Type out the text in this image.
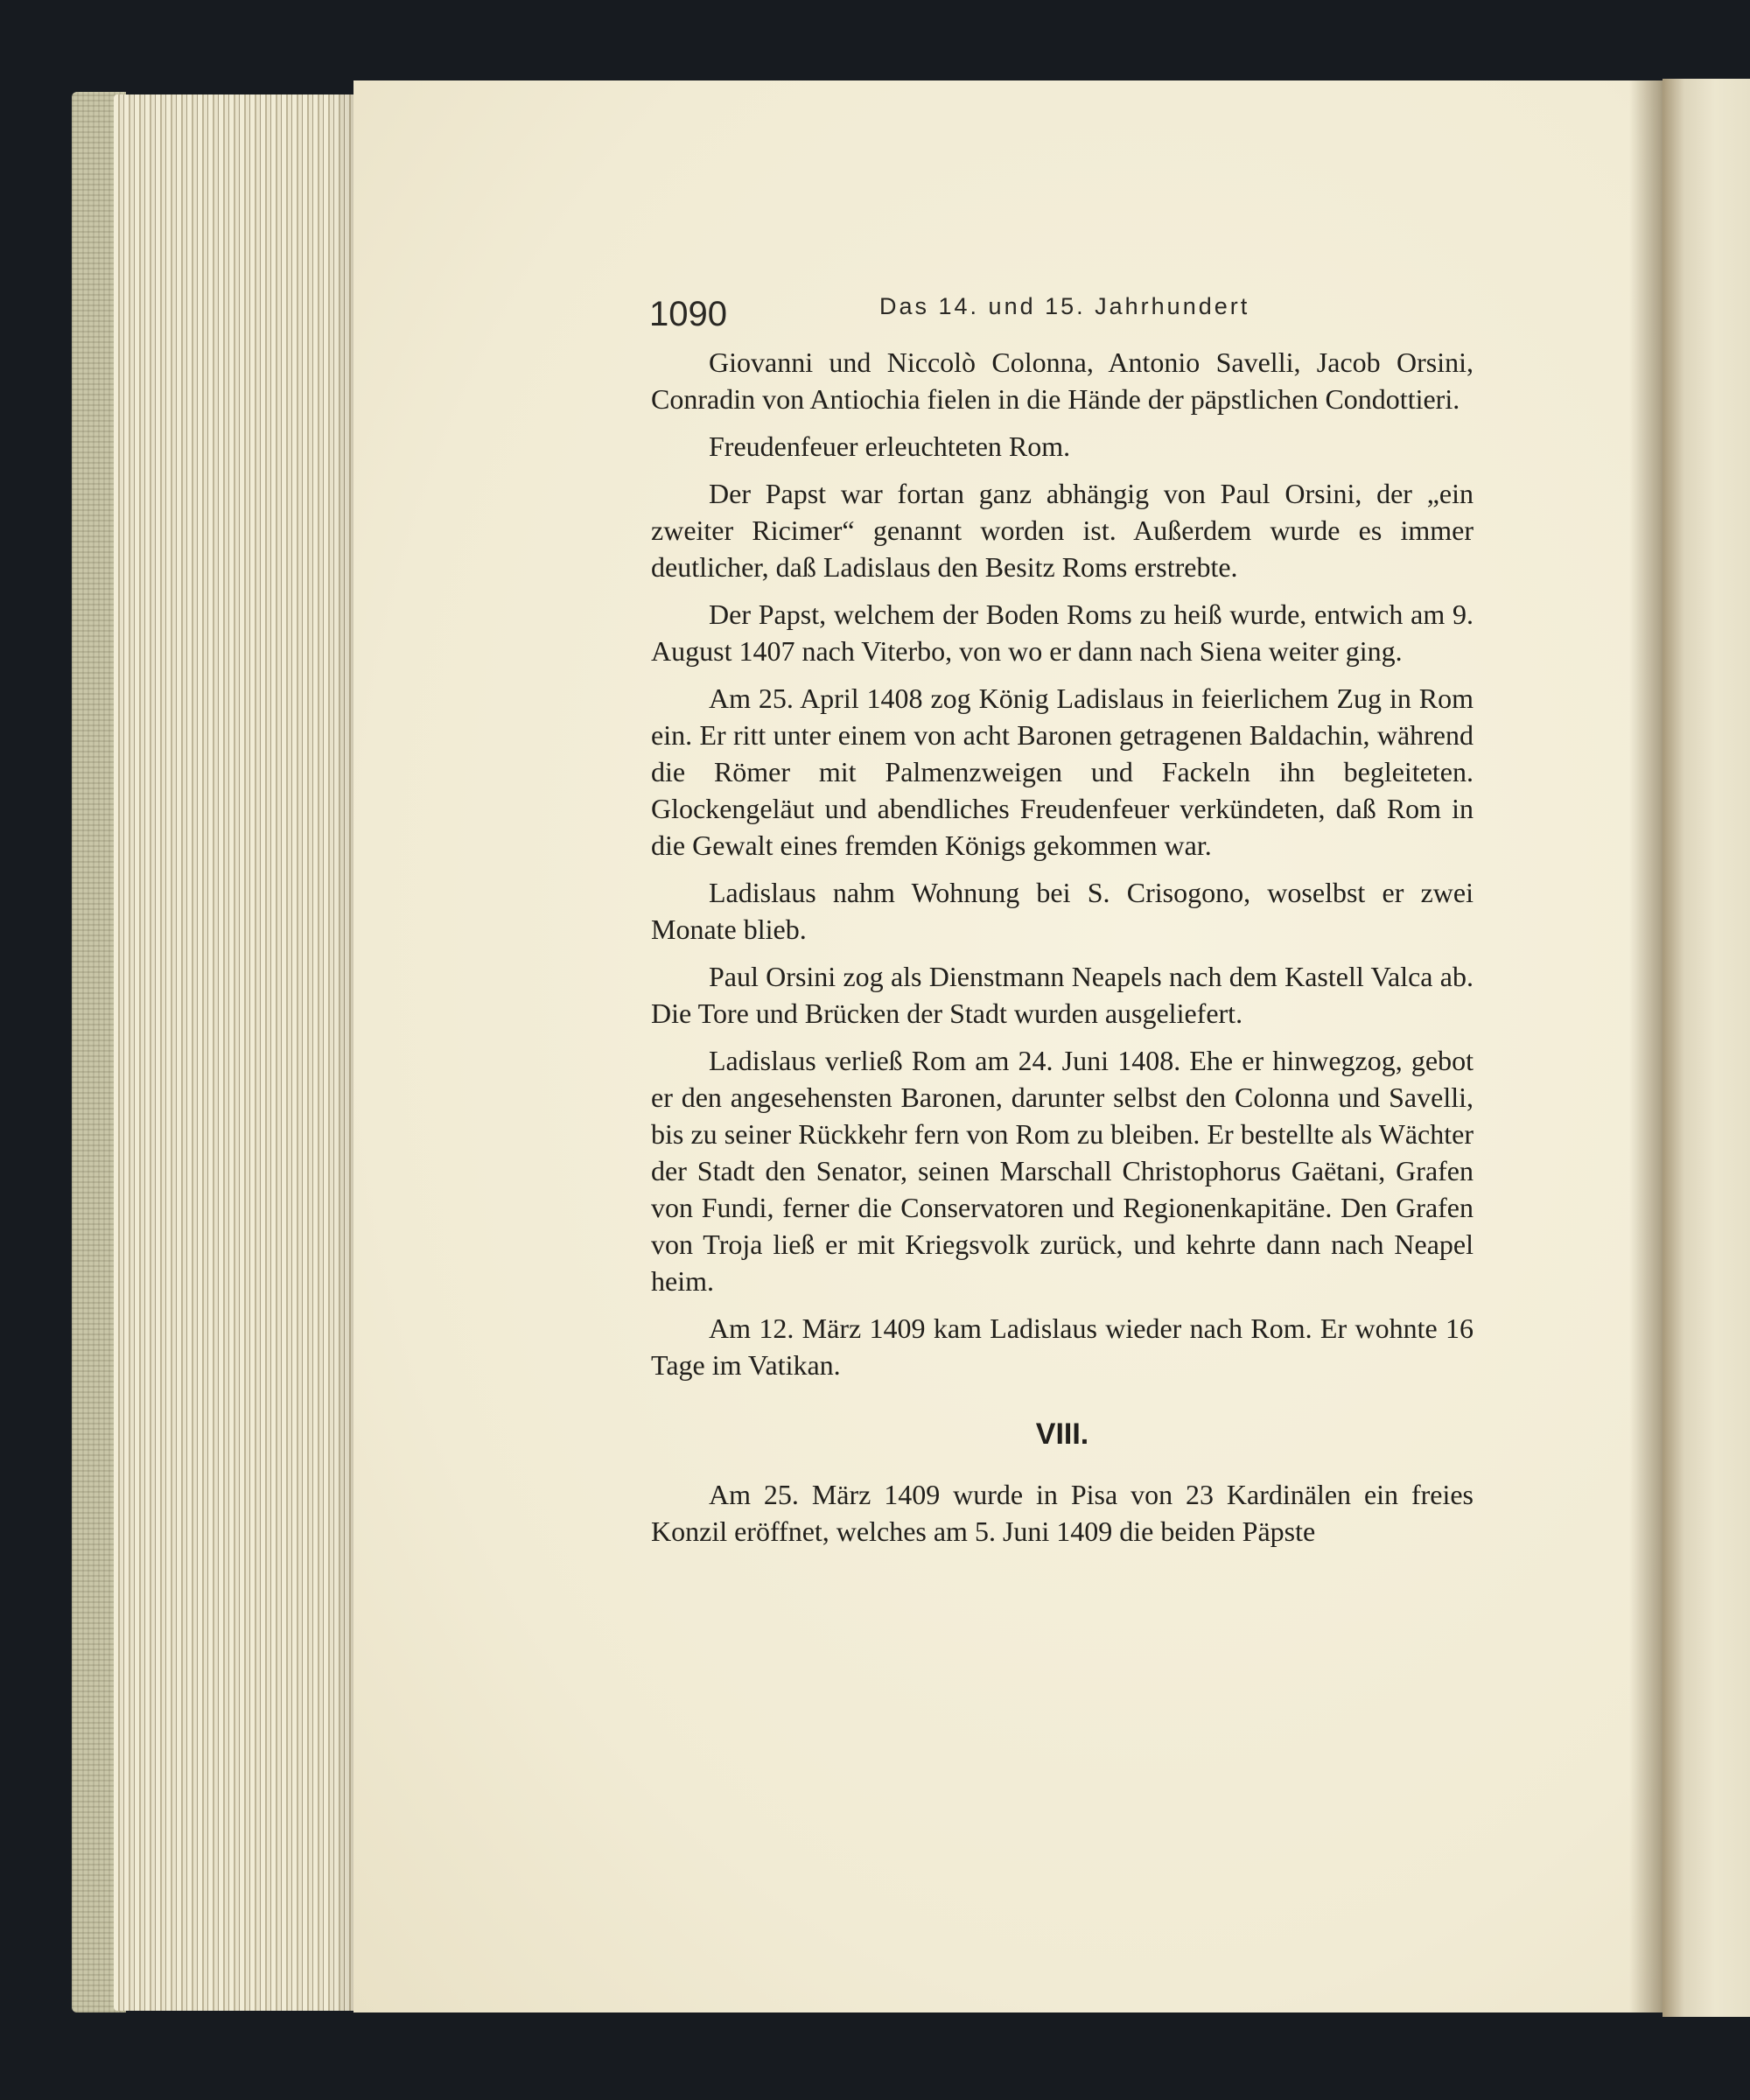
1090	Das 14. und 15. Jahrhundert

Giovanni und Niccolò Colonna, Antonio Savelli, Jacob Orsini, Conradin von Antiochia fielen in die Hände der päpstlichen Condottieri.

Freudenfeuer erleuchteten Rom.

Der Papst war fortan ganz abhängig von Paul Orsini, der „ein zweiter Ricimer“ genannt worden ist. Außerdem wurde es immer deutlicher, daß Ladislaus den Besitz Roms erstrebte.

Der Papst, welchem der Boden Roms zu heiß wurde, entwich am 9. August 1407 nach Viterbo, von wo er dann nach Siena weiter ging.

Am 25. April 1408 zog König Ladislaus in feierlichem Zug in Rom ein. Er ritt unter einem von acht Baronen getragenen Baldachin, während die Römer mit Palmenzweigen und Fackeln ihn begleiteten. Glockengeläut und abendliches Freudenfeuer verkündeten, daß Rom in die Gewalt eines fremden Königs gekommen war.

Ladislaus nahm Wohnung bei S. Crisogono, woselbst er zwei Monate blieb.

Paul Orsini zog als Dienstmann Neapels nach dem Kastell Valca ab. Die Tore und Brücken der Stadt wurden ausgeliefert.

Ladislaus verließ Rom am 24. Juni 1408. Ehe er hinwegzog, gebot er den angesehensten Baronen, darunter selbst den Colonna und Savelli, bis zu seiner Rückkehr fern von Rom zu bleiben. Er bestellte als Wächter der Stadt den Senator, seinen Marschall Christophorus Gaëtani, Grafen von Fundi, ferner die Conservatoren und Regionenkapitäne. Den Grafen von Troja ließ er mit Kriegsvolk zurück, und kehrte dann nach Neapel heim.

Am 12. März 1409 kam Ladislaus wieder nach Rom. Er wohnte 16 Tage im Vatikan.

VIII.

Am 25. März 1409 wurde in Pisa von 23 Kardinälen ein freies Konzil eröffnet, welches am 5. Juni 1409 die beiden Päpste
